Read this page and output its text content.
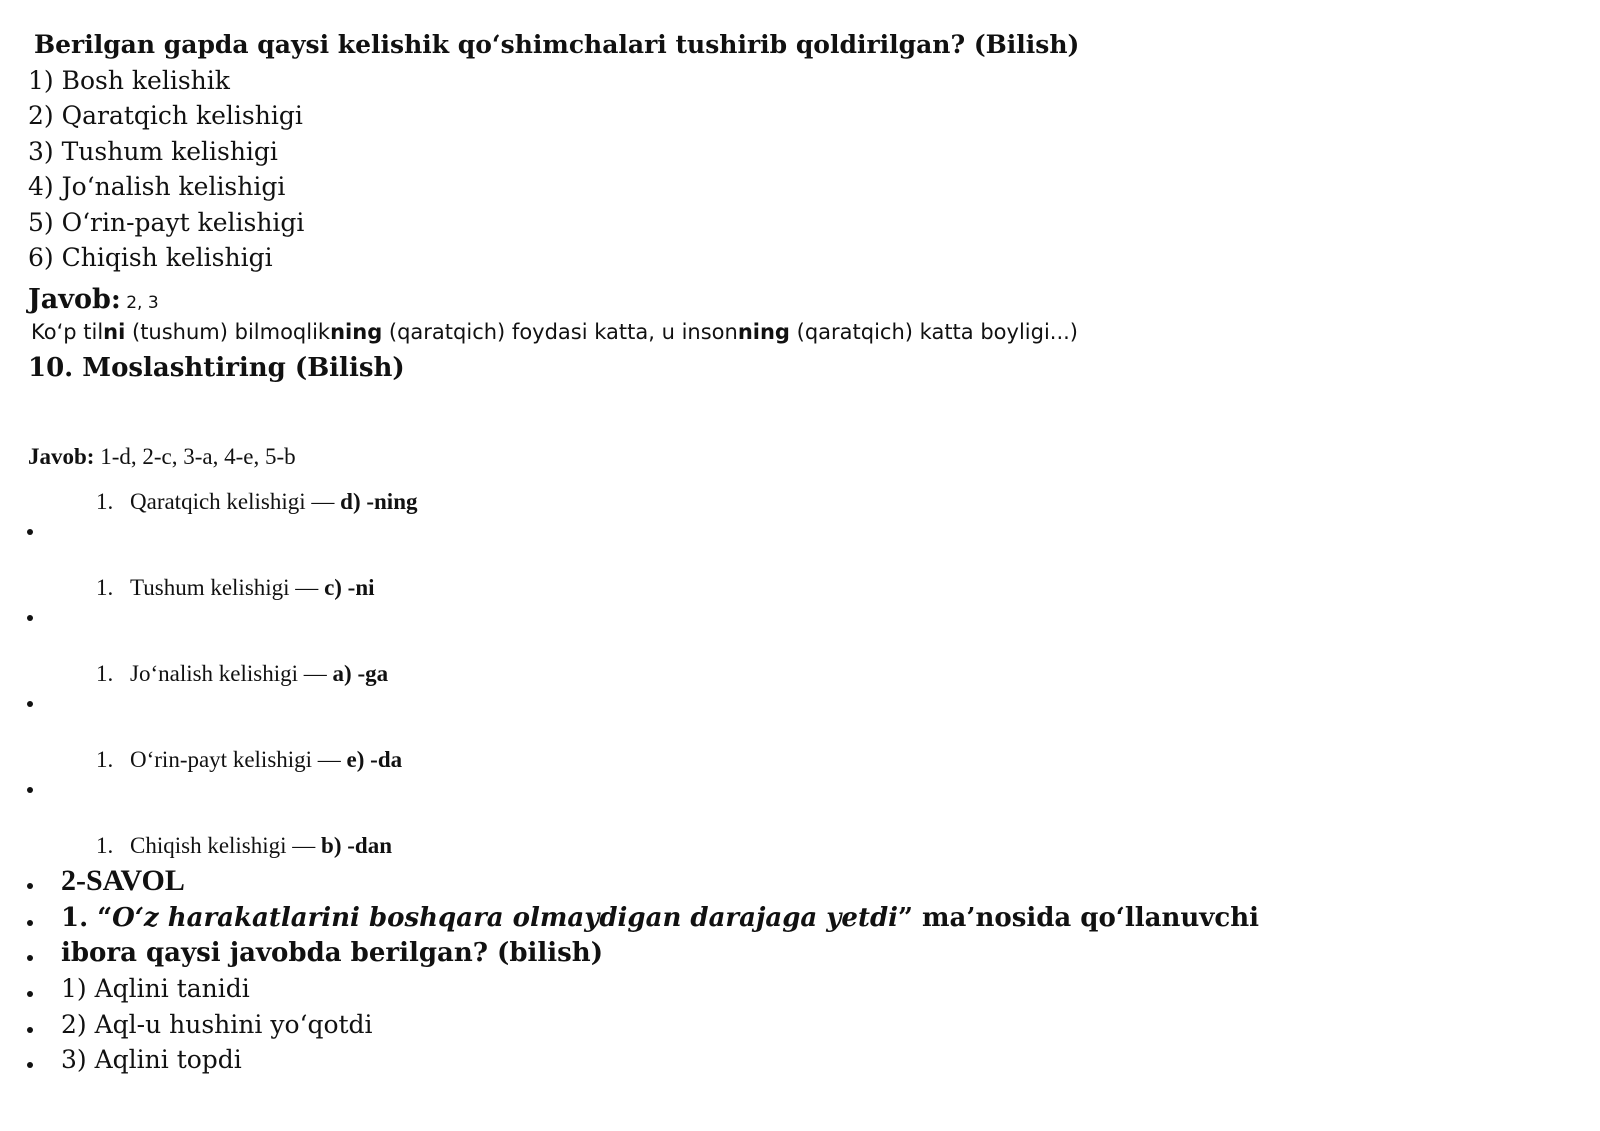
Berilgan gapda qaysi kelishik qo‘shimchalari tushirib qoldirilgan? (Bilish)
1) Bosh kelishik
2) Qaratqich kelishigi
3) Tushum kelishigi
4) Jo‘nalish kelishigi
5) O‘rin-payt kelishigi
6) Chiqish kelishigi
Javob: 2, 3
Ko‘p tilni (tushum) bilmoqlikning (qaratqich) foydasi katta, u insonning (qaratqich) katta boyligi...)
10. Moslashtiring (Bilish)
Javob: 1-d, 2-c, 3-a, 4-e, 5-b
1. Qaratqich kelishigi — d) -ning
1. Tushum kelishigi — c) -ni
1. Jo‘nalish kelishigi — a) -ga
1. O‘rin-payt kelishigi — e) -da
1. Chiqish kelishigi — b) -dan
2-SAVOL
1. “O‘z harakatlarini boshqara olmaydigan darajaga yetdi” ma’nosida qo‘llanuvchi
ibora qaysi javobda berilgan? (bilish)
1) Aqlini tanidi
2) Aql-u hushini yo‘qotdi
3) Aqlini topdi
